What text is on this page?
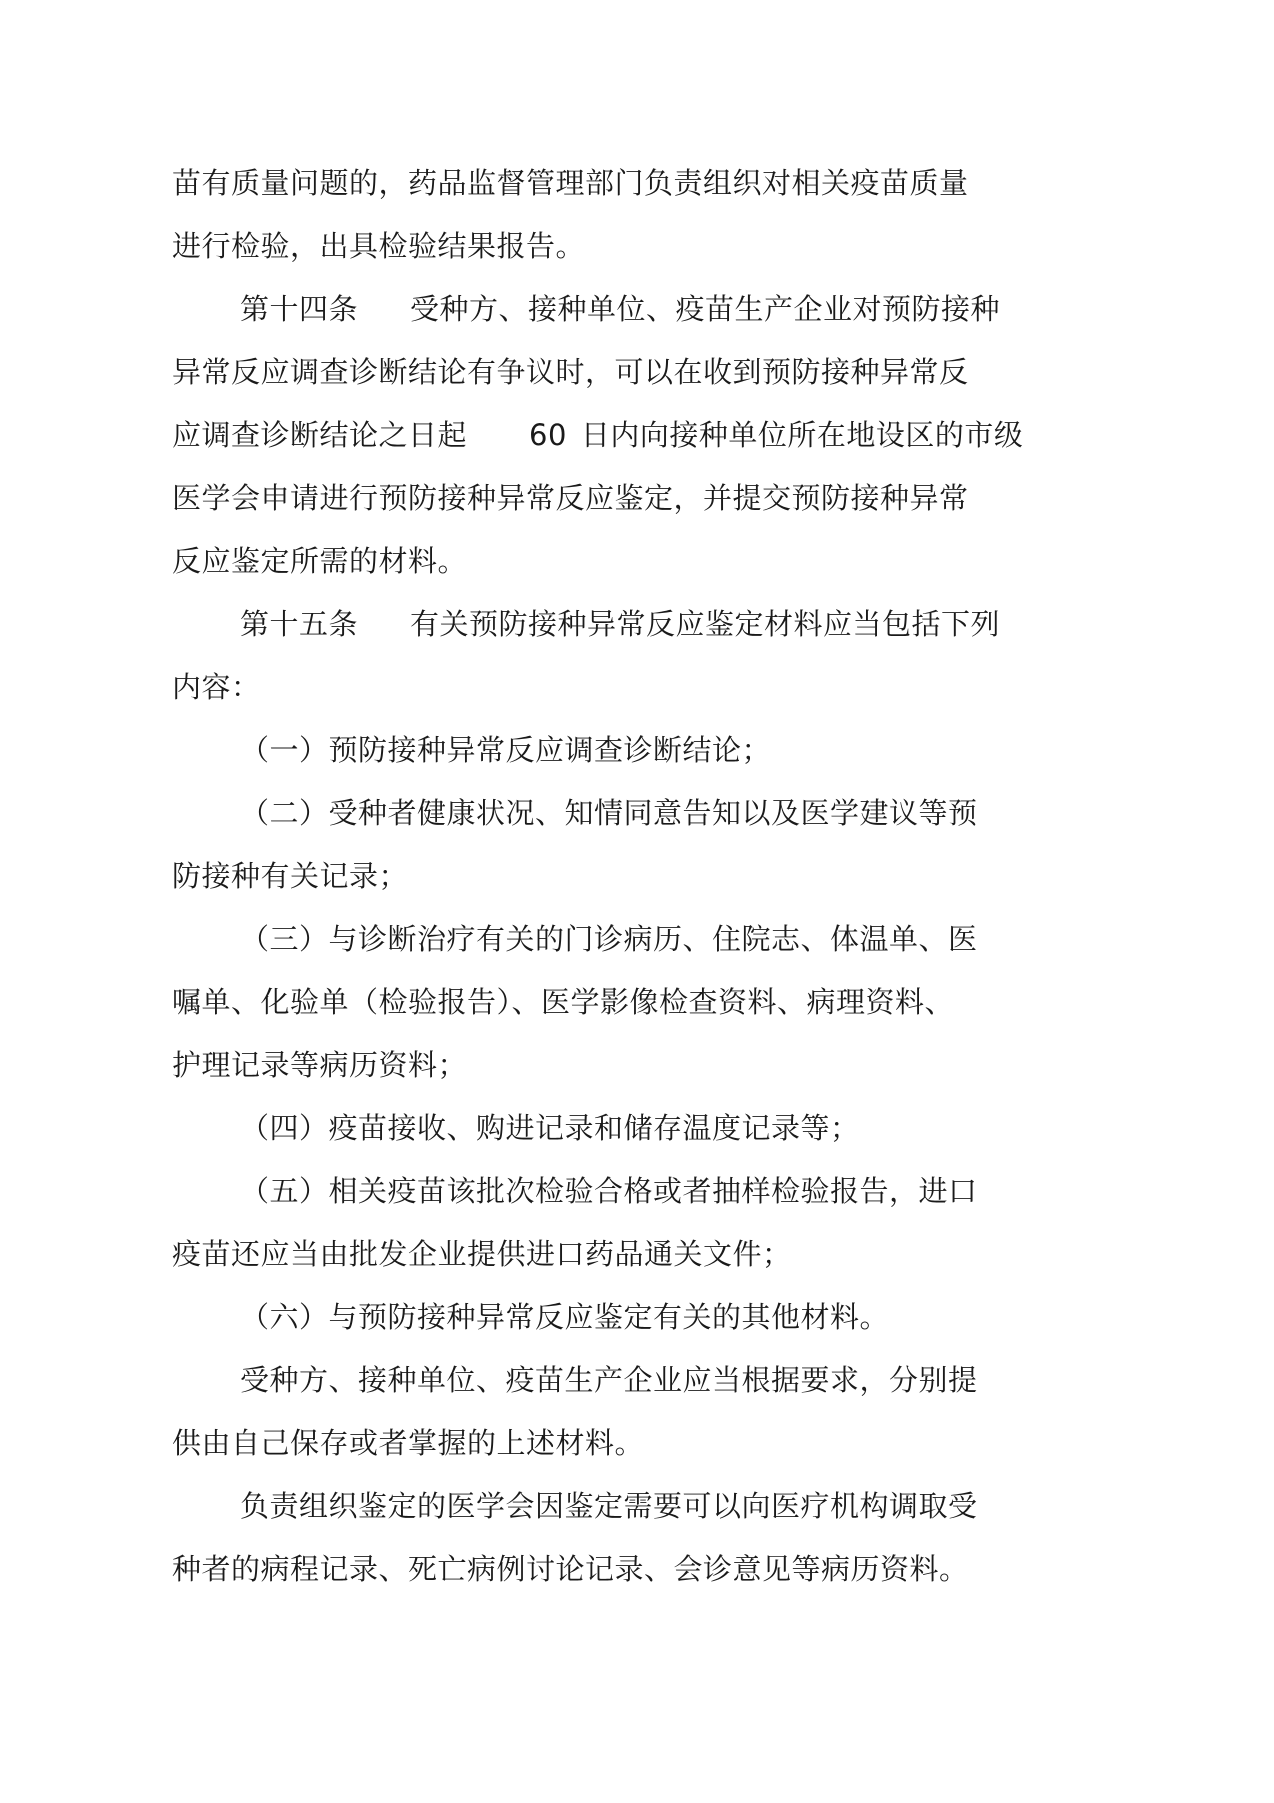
苗有质量问题的，药品监督管理部门负责组织对相关疫苗质量
进行检验，出具检验结果报告。
第十四条 受种方、接种单位、疫苗生产企业对预防接种
异常反应调查诊断结论有争议时，可以在收到预防接种异常反
应调查诊断结论之日起 60 日内向接种单位所在地设区的市级
医学会申请进行预防接种异常反应鉴定，并提交预防接种异常
反应鉴定所需的材料。
第十五条 有关预防接种异常反应鉴定材料应当包括下列
内容：
（一）预防接种异常反应调查诊断结论；
（二）受种者健康状况、知情同意告知以及医学建议等预
防接种有关记录；
（三）与诊断治疗有关的门诊病历、住院志、体温单、医
嘱单、化验单（检验报告）、医学影像检查资料、病理资料、
护理记录等病历资料；
（四）疫苗接收、购进记录和储存温度记录等；
（五）相关疫苗该批次检验合格或者抽样检验报告，进口
疫苗还应当由批发企业提供进口药品通关文件；
（六）与预防接种异常反应鉴定有关的其他材料。
受种方、接种单位、疫苗生产企业应当根据要求，分别提
供由自己保存或者掌握的上述材料。
负责组织鉴定的医学会因鉴定需要可以向医疗机构调取受
种者的病程记录、死亡病例讨论记录、会诊意见等病历资料。
